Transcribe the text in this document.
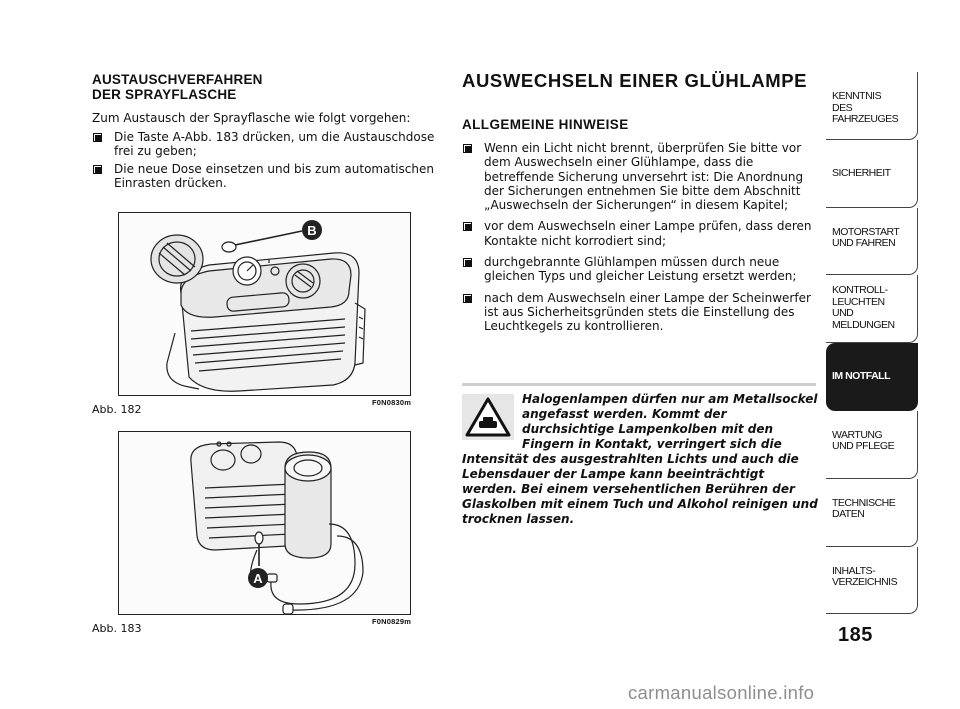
AUSTAUSCHVERFAHREN
DER SPRAYFLASCHE

Zum Austausch der Sprayflasche wie folgt vorgehen:

Die Taste A-Abb. 183 drücken, um die Austauschdose frei zu geben;
Die neue Dose einsetzen und bis zum automatischen Einrasten drücken.
B
F0N0830m
Abb. 182
A
F0N0829m
Abb. 183
AUSWECHSELN EINER GLÜHLAMPE
ALLGEMEINE HINWEISE
Wenn ein Licht nicht brennt, überprüfen Sie bitte vor dem Auswechseln einer Glühlampe, dass die betreffende Sicherung unversehrt ist: Die Anordnung der Sicherungen entnehmen Sie bitte dem Abschnitt „Auswechseln der Sicherungen“ in diesem Kapitel;
vor dem Auswechseln einer Lampe prüfen, dass deren Kontakte nicht korrodiert sind;
durchgebrannte Glühlampen müssen durch neue gleichen Typs und gleicher Leistung ersetzt werden;
nach dem Auswechseln einer Lampe der Scheinwerfer ist aus Sicherheitsgründen stets die Einstellung des Leuchtkegels zu kontrollieren.
Halogenlampen dürfen nur am Metallsockel angefasst werden. Kommt der durchsichtige Lampenkolben mit den Fingern in Kontakt, verringert sich die Intensität des ausgestrahlten Lichts und auch die Lebensdauer der Lampe kann beeinträchtigt werden. Bei einem versehentlichen Berühren der Glaskolben mit einem Tuch und Alkohol reinigen und trocknen lassen.
KENNTNIS
DES FAHRZEUGES
SICHERHEIT
MOTORSTART
UND FAHREN
KONTROLL-
LEUCHTEN
UND MELDUNGEN
IM NOTFALL
WARTUNG
UND PFLEGE
TECHNISCHE
DATEN
INHALTS-
VERZEICHNIS
185
carmanualsonline.info
